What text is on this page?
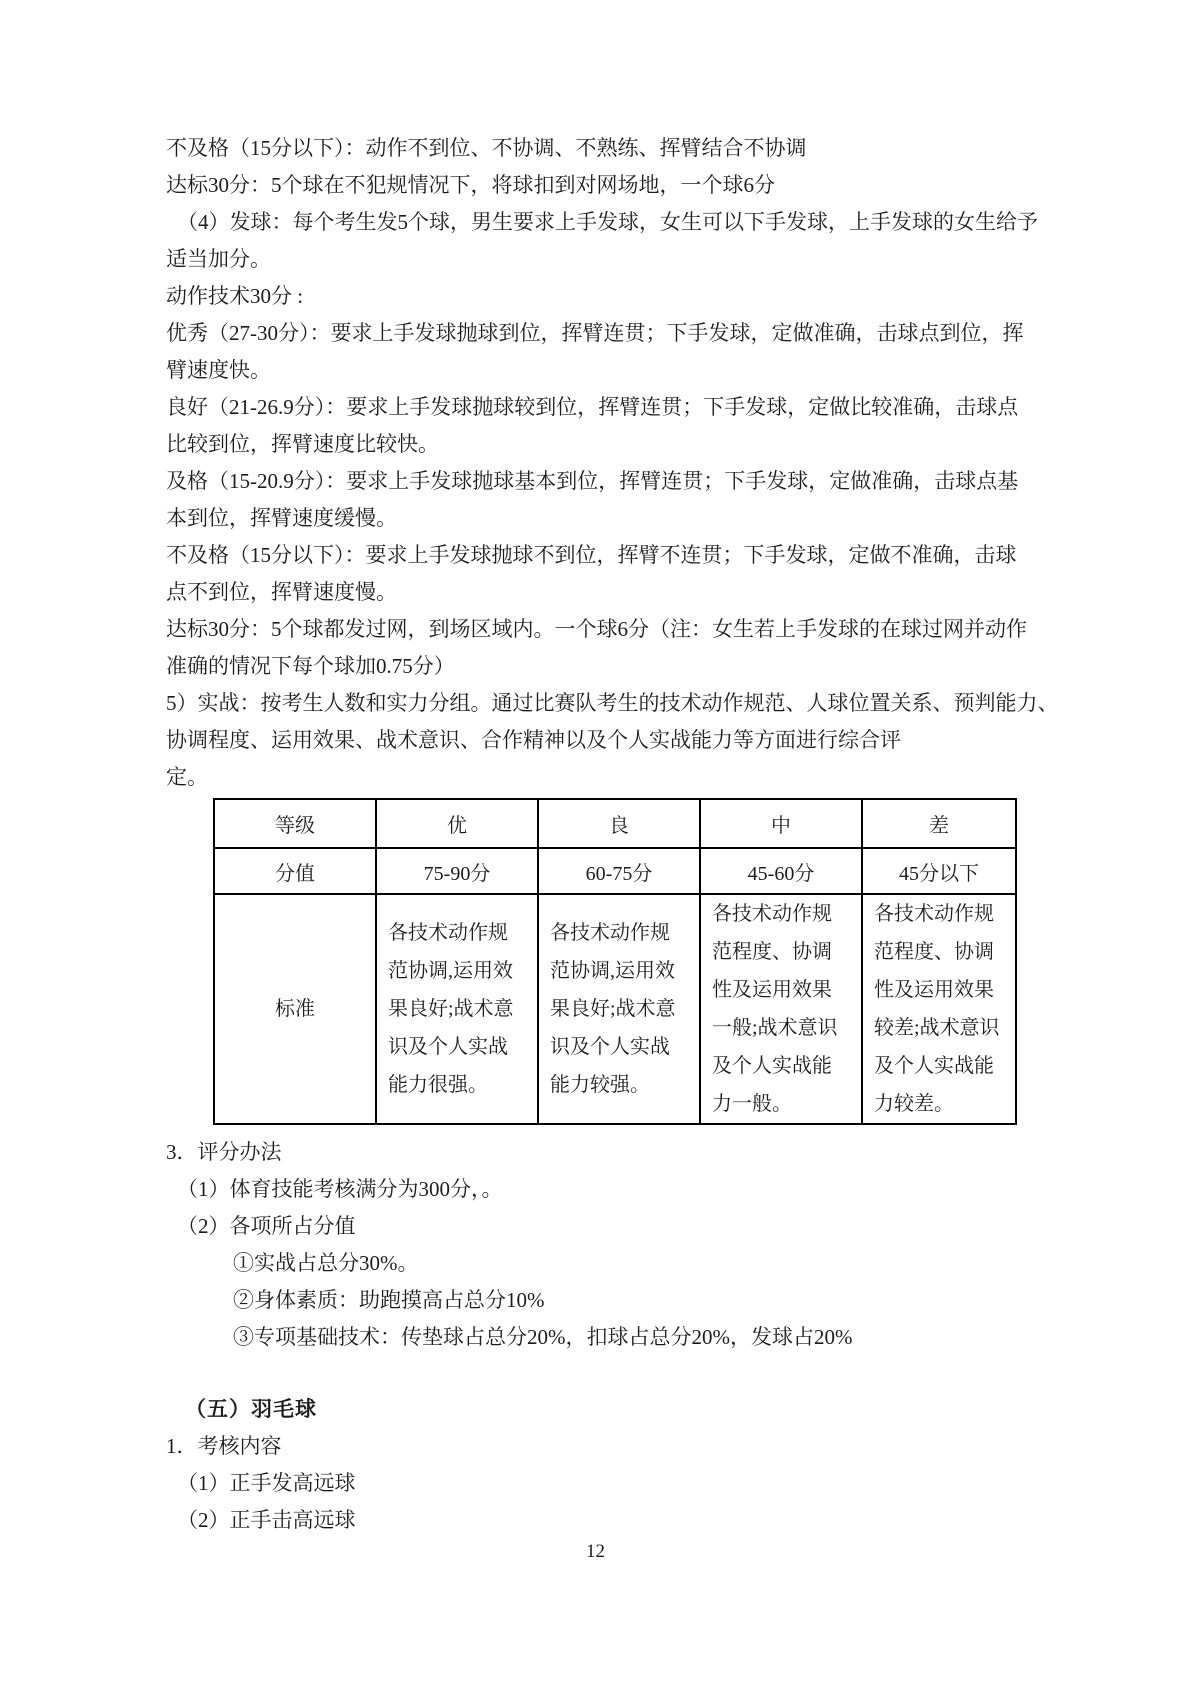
不及格（15分以下）：动作不到位、不协调、不熟练、挥臂结合不协调
达标30分：5个球在不犯规情况下，将球扣到对网场地，一个球6分
（4）发球：每个考生发5个球，男生要求上手发球，女生可以下手发球，上手发球的女生给予
适当加分。
动作技术30分 :
优秀（27-30分）：要求上手发球抛球到位，挥臂连贯；下手发球，定做准确，击球点到位，挥
臂速度快。
良好（21-26.9分）：要求上手发球抛球较到位，挥臂连贯；下手发球，定做比较准确，击球点
比较到位，挥臂速度比较快。
及格（15-20.9分）：要求上手发球抛球基本到位，挥臂连贯；下手发球，定做准确，击球点基
本到位，挥臂速度缓慢。
不及格（15分以下）：要求上手发球抛球不到位，挥臂不连贯；下手发球，定做不准确，击球
点不到位，挥臂速度慢。
达标30分：5个球都发过网，到场区域内。一个球6分（注：女生若上手发球的在球过网并动作
准确的情况下每个球加0.75分）
5）实战：按考生人数和实力分组。通过比赛队考生的技术动作规范、人球位置关系、预判能力、
协调程度、运用效果、战术意识、合作精神以及个人实战能力等方面进行综合评
定。
等级	优	良	中	差
分值	75-90分	60-75分	45-60分	45分以下
标准	各技术动作规范协调,运用效果良好;战术意识及个人实战能力很强。	各技术动作规范协调,运用效果良好;战术意识及个人实战能力较强。	各技术动作规范程度、协调性及运用效果一般;战术意识及个人实战能力一般。	各技术动作规范程度、协调性及运用效果较差;战术意识及个人实战能力较差。
3．评分办法
（1）体育技能考核满分为300分，。
（2）各项所占分值
①实战占总分30%。
②身体素质：助跑摸高占总分10%
③专项基础技术：传垫球占总分20%，扣球占总分20%，发球占20%
（五）羽毛球
1．考核内容
（1）正手发高远球
（2）正手击高远球
12
